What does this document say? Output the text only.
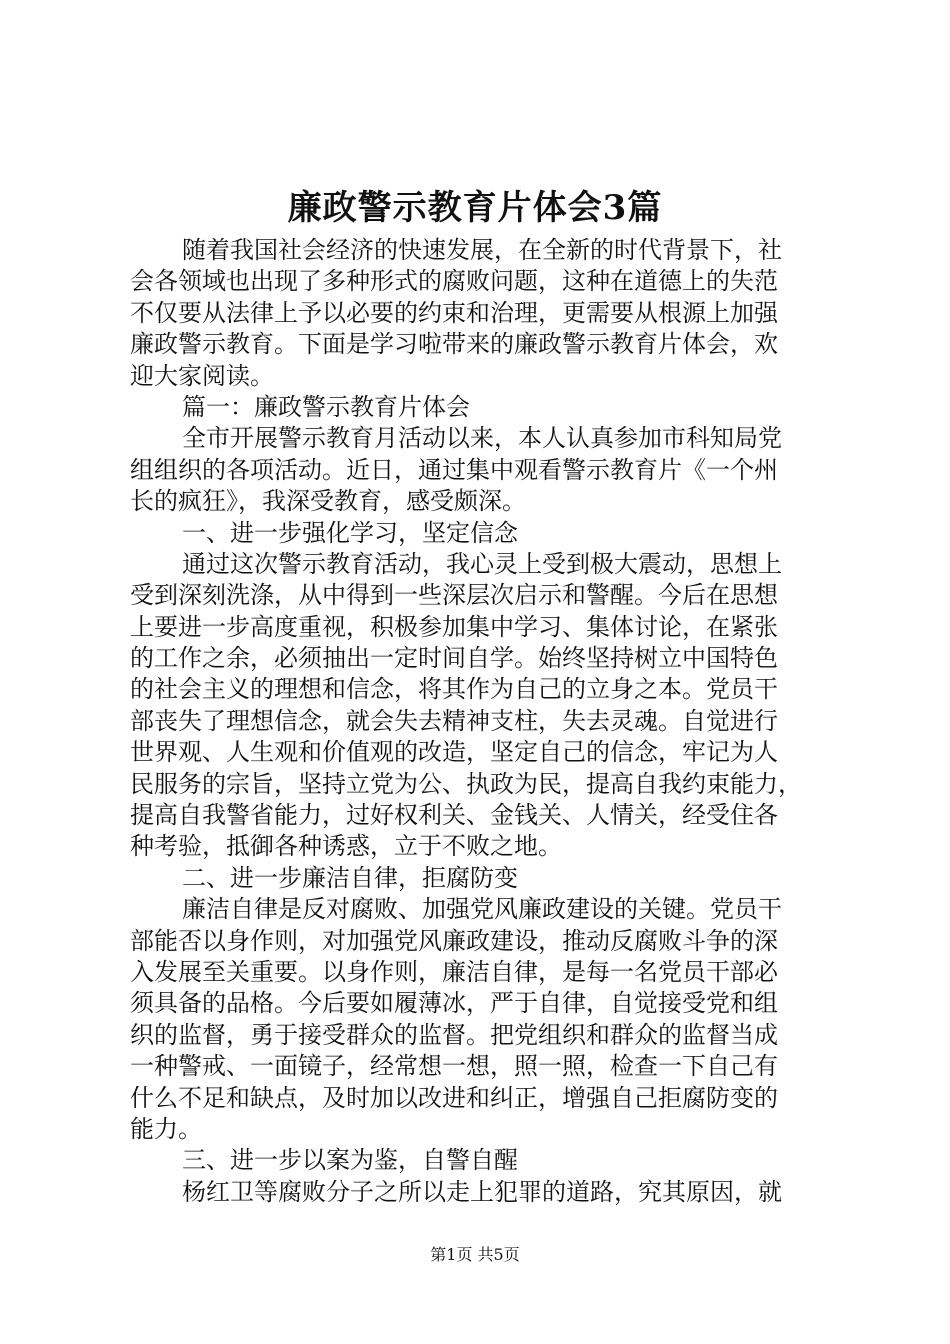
廉政警示教育片体会3篇
随着我国社会经济的快速发展，在全新的时代背景下，社
会各领域也出现了多种形式的腐败问题，这种在道德上的失范
不仅要从法律上予以必要的约束和治理，更需要从根源上加强
廉政警示教育。下面是学习啦带来的廉政警示教育片体会，欢
迎大家阅读。
篇一：廉政警示教育片体会
全市开展警示教育月活动以来，本人认真参加市科知局党
组组织的各项活动。近日，通过集中观看警示教育片《一个州
长的疯狂》，我深受教育，感受颇深。
一、进一步强化学习，坚定信念
通过这次警示教育活动，我心灵上受到极大震动，思想上
受到深刻洗涤，从中得到一些深层次启示和警醒。今后在思想
上要进一步高度重视，积极参加集中学习、集体讨论，在紧张
的工作之余，必须抽出一定时间自学。始终坚持树立中国特色
的社会主义的理想和信念，将其作为自己的立身之本。党员干
部丧失了理想信念，就会失去精神支柱，失去灵魂。自觉进行
世界观、人生观和价值观的改造，坚定自己的信念，牢记为人
民服务的宗旨，坚持立党为公、执政为民，提高自我约束能力，
提高自我警省能力，过好权利关、金钱关、人情关，经受住各
种考验，抵御各种诱惑，立于不败之地。
二、进一步廉洁自律，拒腐防变
廉洁自律是反对腐败、加强党风廉政建设的关键。党员干
部能否以身作则，对加强党风廉政建设，推动反腐败斗争的深
入发展至关重要。以身作则，廉洁自律，是每一名党员干部必
须具备的品格。今后要如履薄冰，严于自律，自觉接受党和组
织的监督，勇于接受群众的监督。把党组织和群众的监督当成
一种警戒、一面镜子，经常想一想，照一照，检查一下自己有
什么不足和缺点，及时加以改进和纠正，增强自己拒腐防变的
能力。
三、进一步以案为鉴，自警自醒
杨红卫等腐败分子之所以走上犯罪的道路，究其原因，就
第1页 共5页
